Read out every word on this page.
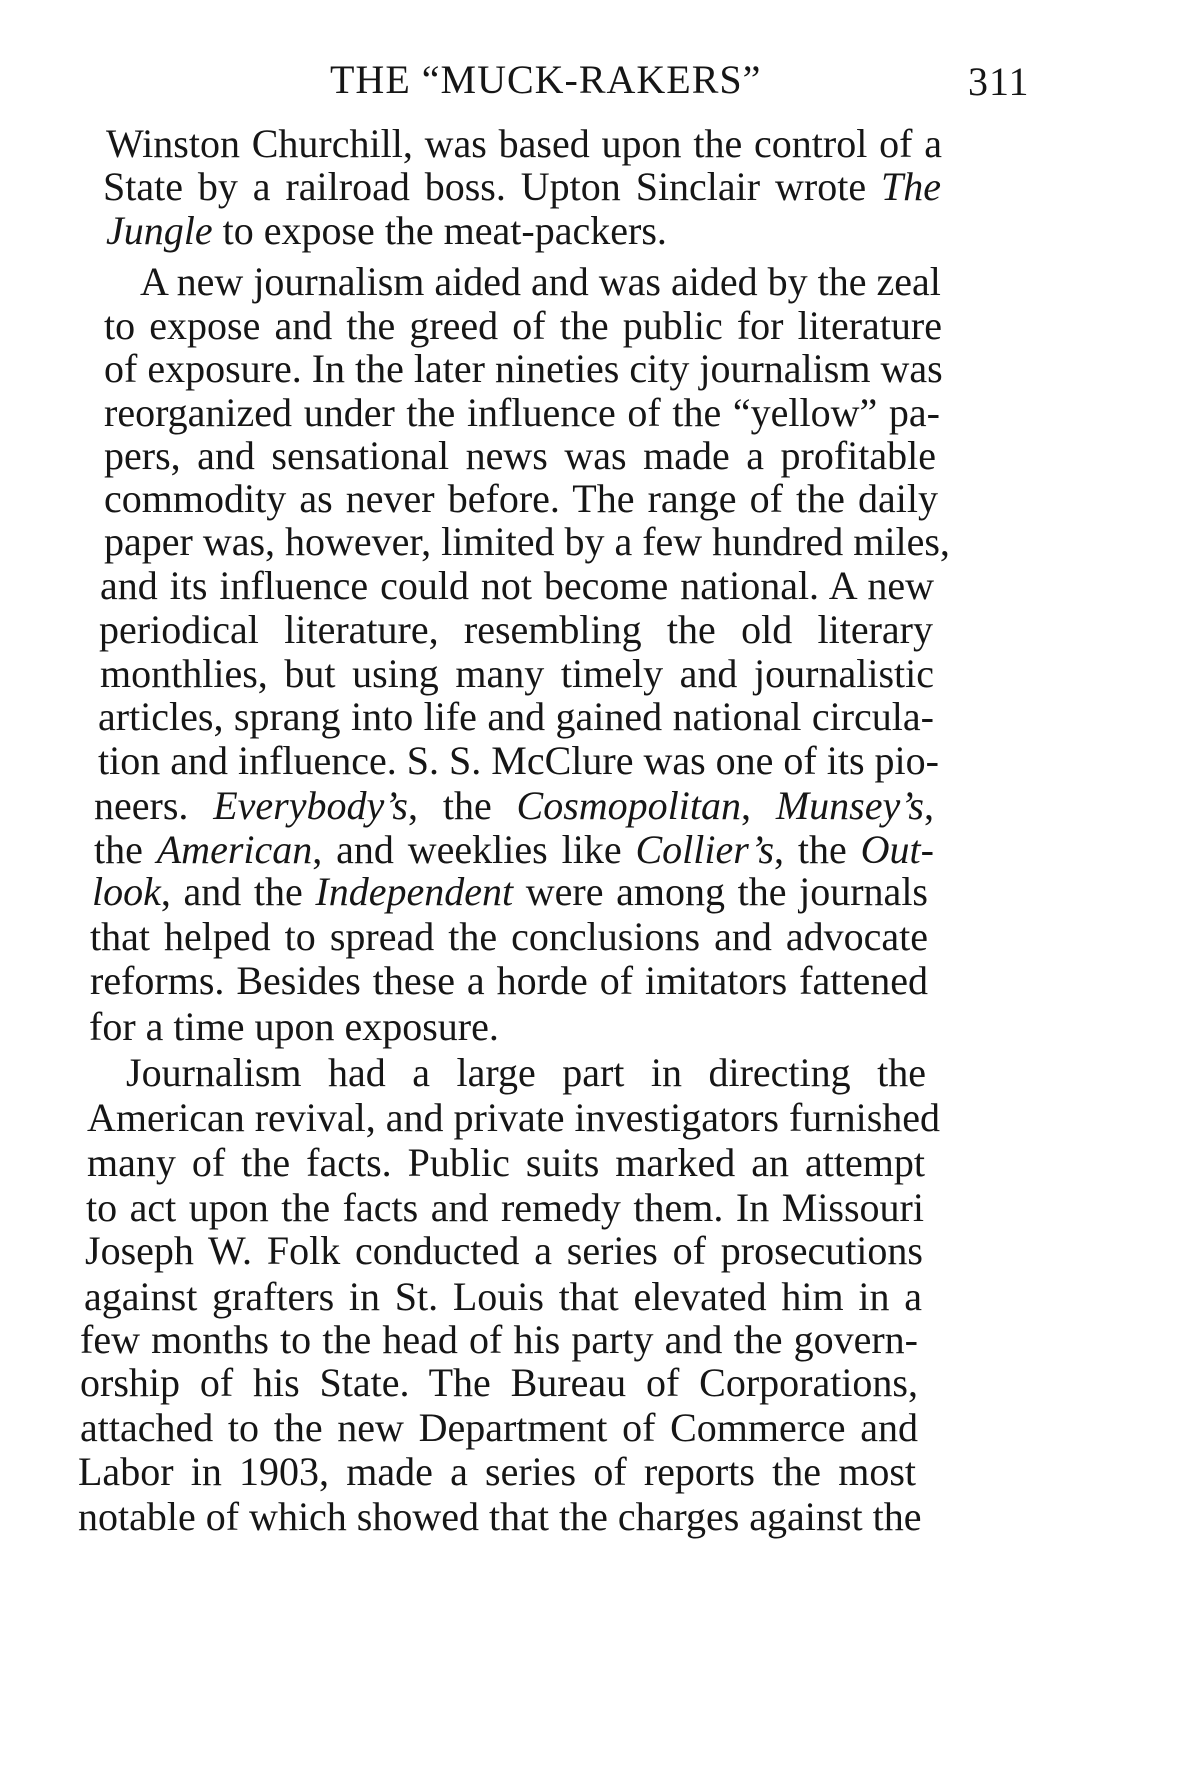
THE “MUCK-RAKERS”	311
Winston Churchill, was based upon the control of a
State by a railroad boss. Upton Sinclair wrote The
Jungle to expose the meat-packers.
A new journalism aided and was aided by the zeal
to expose and the greed of the public for literature
of exposure. In the later nineties city journalism was
reorganized under the influence of the “yellow” pa-
pers, and sensational news was made a profitable
commodity as never before. The range of the daily
paper was, however, limited by a few hundred miles,
and its influence could not become national. A new
periodical literature, resembling the old literary
monthlies, but using many timely and journalistic
articles, sprang into life and gained national circula-
tion and influence. S. S. McClure was one of its pio-
neers. Everybody’s, the Cosmopolitan, Munsey’s,
the American, and weeklies like Collier’s, the Out-
look, and the Independent were among the journals
that helped to spread the conclusions and advocate
reforms. Besides these a horde of imitators fattened
for a time upon exposure.
Journalism had a large part in directing the
American revival, and private investigators furnished
many of the facts. Public suits marked an attempt
to act upon the facts and remedy them. In Missouri
Joseph W. Folk conducted a series of prosecutions
against grafters in St. Louis that elevated him in a
few months to the head of his party and the govern-
orship of his State. The Bureau of Corporations,
attached to the new Department of Commerce and
Labor in 1903, made a series of reports the most
notable of which showed that the charges against the
